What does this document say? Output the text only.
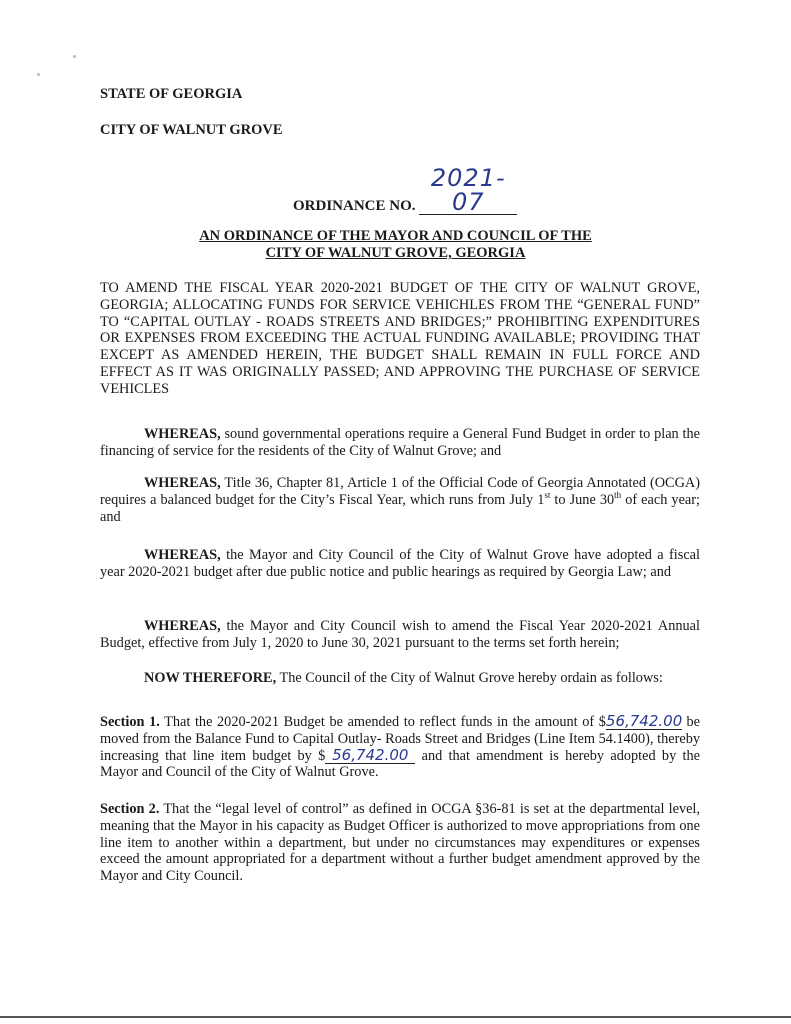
STATE OF GEORGIA
CITY OF WALNUT GROVE
ORDINANCE NO. 2021-07
AN ORDINANCE OF THE MAYOR AND COUNCIL OF THE
CITY OF WALNUT GROVE, GEORGIA
TO AMEND THE FISCAL YEAR 2020-2021 BUDGET OF THE CITY OF WALNUT GROVE, GEORGIA; ALLOCATING FUNDS FOR SERVICE VEHICHLES FROM THE “GENERAL FUND” TO “CAPITAL OUTLAY - ROADS STREETS AND BRIDGES;” PROHIBITING EXPENDITURES OR EXPENSES FROM EXCEEDING THE ACTUAL FUNDING AVAILABLE; PROVIDING THAT EXCEPT AS AMENDED HEREIN, THE BUDGET SHALL REMAIN IN FULL FORCE AND EFFECT AS IT WAS ORIGINALLY PASSED; AND APPROVING THE PURCHASE OF SERVICE VEHICLES
WHEREAS, sound governmental operations require a General Fund Budget in order to plan the financing of service for the residents of the City of Walnut Grove; and
WHEREAS, Title 36, Chapter 81, Article 1 of the Official Code of Georgia Annotated (OCGA) requires a balanced budget for the City’s Fiscal Year, which runs from July 1st to June 30th of each year; and
WHEREAS, the Mayor and City Council of the City of Walnut Grove have adopted a fiscal year 2020-2021 budget after due public notice and public hearings as required by Georgia Law; and
WHEREAS, the Mayor and City Council wish to amend the Fiscal Year 2020-2021 Annual Budget, effective from July 1, 2020 to June 30, 2021 pursuant to the terms set forth herein;
NOW THEREFORE, The Council of the City of Walnut Grove hereby ordain as follows:
Section 1. That the 2020-2021 Budget be amended to reflect funds in the amount of $56,742.00 be moved from the Balance Fund to Capital Outlay- Roads Street and Bridges (Line Item 54.1400), thereby increasing that line item budget by $ 56,742.00 and that amendment is hereby adopted by the Mayor and Council of the City of Walnut Grove.
Section 2. That the “legal level of control” as defined in OCGA §36-81 is set at the departmental level, meaning that the Mayor in his capacity as Budget Officer is authorized to move appropriations from one line item to another within a department, but under no circumstances may expenditures or expenses exceed the amount appropriated for a department without a further budget amendment approved by the Mayor and City Council.
